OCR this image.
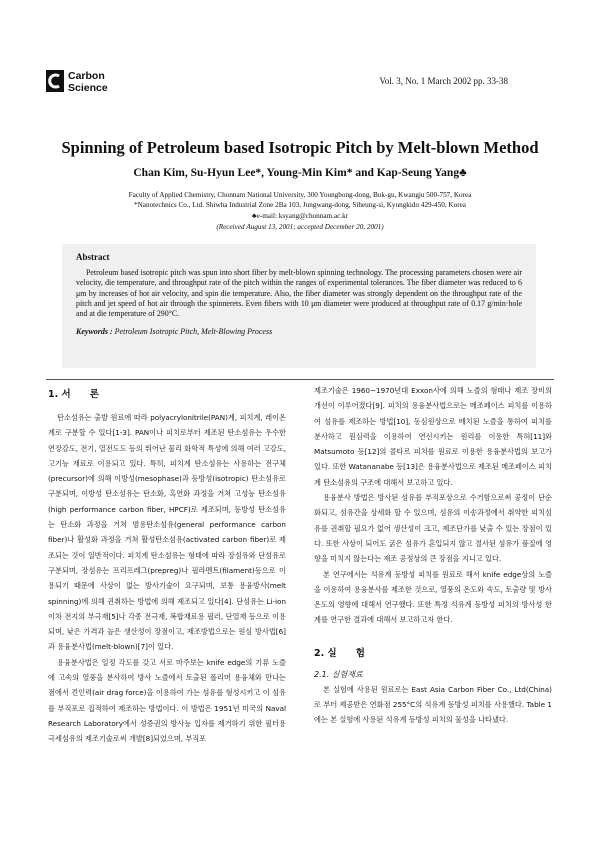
Carbon
Science
Vol. 3, No. 1 March 2002 pp. 33-38
Spinning of Petroleum based Isotropic Pitch by Melt-blown Method
Chan Kim, Su-Hyun Lee*, Young-Min Kim* and Kap-Seung Yang♣
Faculty of Applied Chemistry, Chonnam National University, 300 Youngbong-dong, Buk-gu, Kwangju 500-757, Korea
*Nanotechnics Co., Ltd. Shiwha Industrial Zone 2Ba 103, Jungwang-dong, Siheung-si, Kyungkido 429-450, Korea
♣e-mail: ksyang@chonnam.ac.kr
(Received August 13, 2001; accepted December 20, 2001)
Abstract
Petroleum based isotropic pitch was spun into short fiber by melt-blown spinning technology. The processing parameters chosen were air velocity, die temperature, and throughput rate of the pitch within the ranges of experimental tolerances. The fiber diameter was reduced to 6 μm by increases of hot air velocity, and spin die temperature. Also, the fiber diameter was strongly dependent on the throughput rate of the pitch and jet speed of hot air through the spinnerets. Even fibers with 10 μm diameter were produced at throughput rate of 0.17 g/min·hole and at die temperature of 290°C.
Keywords : Petroleum Isotropic Pitch, Melt-Blowing Process
1. 서　　론

탄소섬유는 출발 원료에 따라 polyacrylonitrile(PAN)계, 피치계, 레이온계로 구분할 수 있다[1-3]. PAN이나 피치로부터 제조된 탄소섬유는 우수한 연장강도, 전기, 열전도도 등의 뛰어난 물리 화학적 특성에 의해 여러 고강도, 고기능 재료로 이용되고 있다. 특히, 피치계 탄소섬유는 사용하는 전구체(precursor)에 의해 이방성(mesophase)과 등방성(isotropic) 탄소섬유로 구분되며, 이방성 탄소섬유는 탄소화, 흑연화 과정을 거쳐 고성능 탄소섬유(high performance carbon fiber, HPCF)로 제조되며, 등방성 탄소섬유는 탄소화 과정을 거쳐 범용탄소섬유(general performance carbon fiber)나 활성화 과정을 거쳐 활성탄소섬유(activated carbon fiber)로 제조되는 것이 일반적이다. 피치계 탄소섬유는 형태에 따라 장섬유와 단섬유로 구분되며, 장섬유는 프리프레그(prepreg)나 필라멘트(filament)등으로 이용되기 때문에 사상이 없는 방사기술이 요구되며, 보통 용융방사(melt spinning)에 의해 권취하는 방법에 의해 제조되고 있다[4]. 단섬유는 Li-ion 이차 전지의 부극재[5]나 각종 전극재, 복합재료용 필러, 단열재 등으로 이용되며, 낮은 가격과 높은 생산성이 장점이고, 제조방법으로는 원심 방사법[6]과 용융분사법(melt-blown)[7]이 있다.

용융분사법은 일정 각도를 갖고 서로 마주보는 knife edge의 기류 노즐에 고속의 열풍을 분사하여 방사 노즐에서 토출된 폴리머 용융체와 만나는 점에서 견인력(air drag force)을 이용하여 가는 섬유를 형성시키고 이 섬유를 부직포로 집적하여 제조하는 방법이다. 이 방법은 1951년 미국의 Naval Research Laboratory에서 성증권의 방사능 입자를 제거하기 위한 필터용 극세섬유의 제조기술로써 개발[8]되었으며, 부직포

제조기술은 1960~1970년대 Exxon사에 의해 노즐의 형태나 제조 장비의 개선이 이루어졌다[9]. 피치의 용융분사법으로는 메조페이스 피치를 이용하여 섬유를 제조하는 방법[10], 동심원상으로 배치된 노즐을 통하여 피치를 분사하고 원심력을 이용하여 연신시키는 원리를 이용한 특허[11]와 Matsumoto 등[12]의 콜타르 피치를 원료로 이용한 용융분사법의 보고가 있다. 또한 Watananabe 등[13]은 용융분사법으로 제조된 메조페이스 피치계 탄소섬유의 구조에 대해서 보고하고 있다.

용융분사 방법은 방사된 섬유를 부직포상으로 수거함으로써 공정이 단순화되고, 섬유간을 상세화 할 수 있으며, 섬유의 이송과정에서 취약한 피치섬유를 권취할 필요가 없어 생산성이 크고, 제조단가를 낮출 수 있는 장점이 있다. 또한 사상이 되어도 굵은 섬유가 혼입되지 않고 절사된 섬유가 품질에 영향을 미치지 않는다는 제조 공정상의 큰 장점을 지니고 있다.

본 연구에서는 석유계 등방성 피치를 원료로 해서 knife edge상의 노즐을 이용하여 용융분사를 제조한 것으로, 열풍의 온도와 속도, 토출량 및 방사온도의 영향에 대해서 연구했다. 또한 특정 석유계 등방성 피치의 방사성 한계를 연구한 결과에 대해서 보고하고자 한다.

2. 실　　험
2.1. 실험재료

본 실험에 사용된 원료로는 East Asia Carbon Fiber Co., Ltd(China)로 부터 제공받은 연화점 255°C의 석유계 등방성 피치를 사용했다. Table 1에는 본 실험에 사용된 석유계 등방성 피치의 물성을 나타냈다.
